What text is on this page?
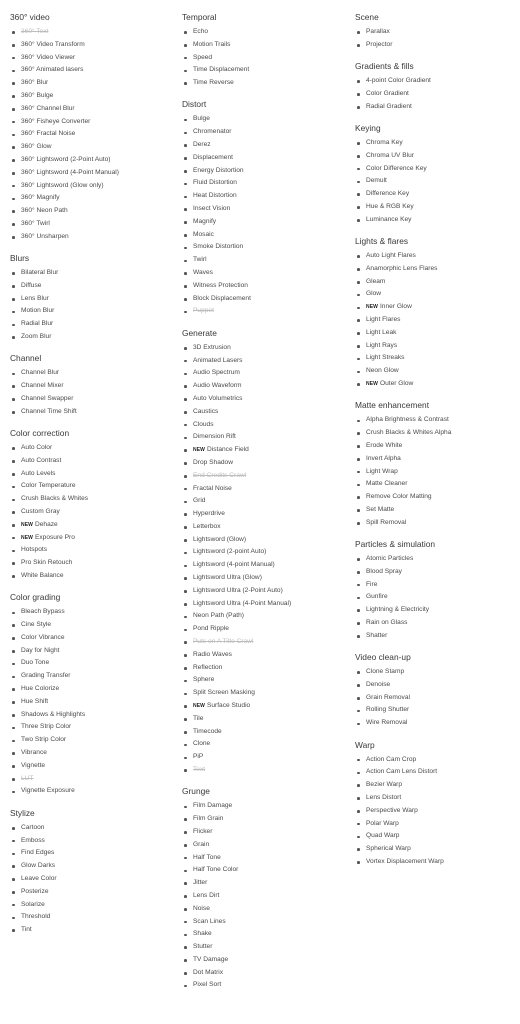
360° video
360° Text
360° Video Transform
360° Video Viewer
360° Animated lasers
360° Blur
360° Bulge
360° Channel Blur
360° Fisheye Converter
360° Fractal Noise
360° Glow
360° Lightsword (2-Point Auto)
360° Lightsword (4-Point Manual)
360° Lightsword (Glow only)
360° Magnify
360° Neon Path
360° Twirl
360° Unsharpen
Blurs
Bilateral Blur
Diffuse
Lens Blur
Motion Blur
Radial Blur
Zoom Blur
Channel
Channel Blur
Channel Mixer
Channel Swapper
Channel Time Shift
Color correction
Auto Color
Auto Contrast
Auto Levels
Color Temperature
Crush Blacks & Whites
Custom Gray
NEW Dehaze
NEW Exposure Pro
Hotspots
Pro Skin Retouch
White Balance
Color grading
Bleach Bypass
Cine Style
Color Vibrance
Day for Night
Duo Tone
Grading Transfer
Hue Colorize
Hue Shift
Shadows & Highlights
Three Strip Color
Two Strip Color
Vibrance
Vignette
LUT
Vignette Exposure
Stylize
Cartoon
Emboss
Find Edges
Glow Darks
Leave Color
Posterize
Solarize
Threshold
Tint
Temporal
Echo
Motion Trails
Speed
Time Displacement
Time Reverse
Distort
Bulge
Chromenator
Derez
Displacement
Energy Distortion
Fluid Distortion
Heat Distortion
Insect Vision
Magnify
Mosaic
Smoke Distortion
Twirl
Waves
Witness Protection
Block Displacement
Puppet
Generate
3D Extrusion
Animated Lasers
Audio Spectrum
Audio Waveform
Auto Volumetrics
Caustics
Clouds
Dimension Rift
NEW Distance Field
Drop Shadow
End Credits Crawl
Fractal Noise
Grid
Hyperdrive
Letterbox
Lightsword (Glow)
Lightsword (2-point Auto)
Lightsword (4-point Manual)
Lightsword Ultra (Glow)
Lightsword Ultra (2-Point Auto)
Lightsword Ultra (4-Point Manual)
Neon Path (Path)
Pond Ripple
Puts on A Title Crawl
Radio Waves
Reflection
Sphere
Split Screen Masking
NEW Surface Studio
Tile
Timecode
Clone
PiP
Text
Grunge
Film Damage
Film Grain
Flicker
Grain
Half Tone
Half Tone Color
Jitter
Lens Dirt
Noise
Scan Lines
Shake
Stutter
TV Damage
Dot Matrix
Pixel Sort
Scene
Parallax
Projector
Gradients & fills
4-point Color Gradient
Color Gradient
Radial Gradient
Keying
Chroma Key
Chroma UV Blur
Color Difference Key
Demult
Difference Key
Hue & RGB Key
Luminance Key
Lights & flares
Auto Light Flares
Anamorphic Lens Flares
Gleam
Glow
NEW Inner Glow
Light Flares
Light Leak
Light Rays
Light Streaks
Neon Glow
NEW Outer Glow
Matte enhancement
Alpha Brightness & Contrast
Crush Blacks & Whites Alpha
Erode White
Invert Alpha
Light Wrap
Matte Cleaner
Remove Color Matting
Set Matte
Spill Removal
Particles & simulation
Atomic Particles
Blood Spray
Fire
Gunfire
Lightning & Electricity
Rain on Glass
Shatter
Video clean-up
Clone Stamp
Denoise
Grain Removal
Rolling Shutter
Wire Removal
Warp
Action Cam Crop
Action Cam Lens Distort
Bezier Warp
Lens Distort
Perspective Warp
Polar Warp
Quad Warp
Spherical Warp
Vortex Displacement Warp
